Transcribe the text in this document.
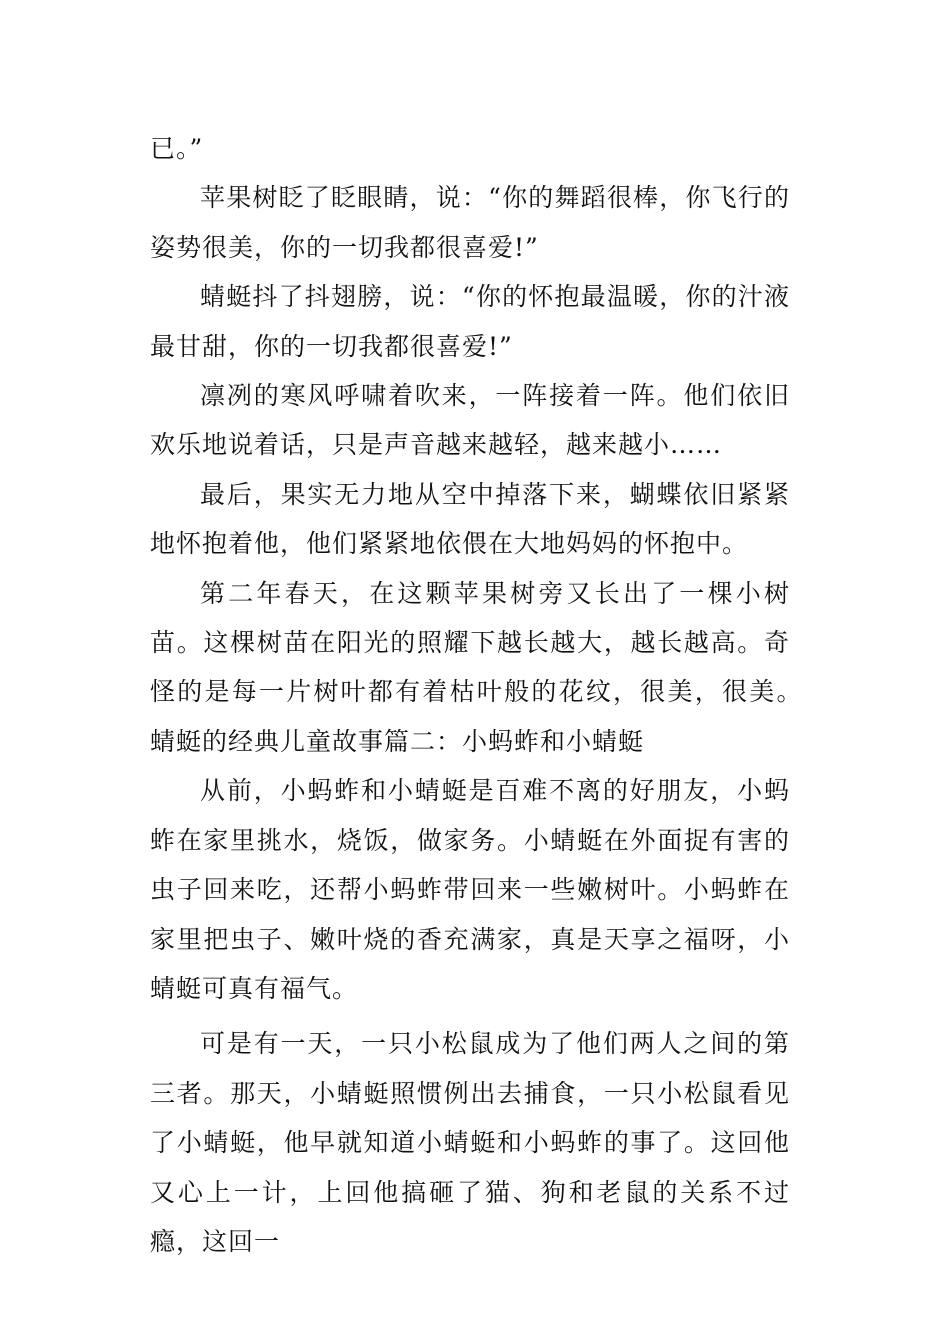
已。”

苹果树眨了眨眼睛，说：“你的舞蹈很棒，你飞行的姿势很美，你的一切我都很喜爱!”

蜻蜓抖了抖翅膀，说：“你的怀抱最温暖，你的汁液最甘甜，你的一切我都很喜爱!”

凛冽的寒风呼啸着吹来，一阵接着一阵。他们依旧欢乐地说着话，只是声音越来越轻，越来越小……

最后，果实无力地从空中掉落下来，蝴蝶依旧紧紧地怀抱着他，他们紧紧地依偎在大地妈妈的怀抱中。

第二年春天，在这颗苹果树旁又长出了一棵小树苗。这棵树苗在阳光的照耀下越长越大，越长越高。奇怪的是每一片树叶都有着枯叶般的花纹，很美，很美。　　蜻蜓的经典儿童故事篇二：小蚂蚱和小蜻蜓

从前，小蚂蚱和小蜻蜓是百难不离的好朋友，小蚂蚱在家里挑水，烧饭，做家务。小蜻蜓在外面捉有害的虫子回来吃，还帮小蚂蚱带回来一些嫩树叶。小蚂蚱在家里把虫子、嫩叶烧的香充满家，真是天享之福呀，小蜻蜓可真有福气。

可是有一天，一只小松鼠成为了他们两人之间的第三者。那天，小蜻蜓照惯例出去捕食，一只小松鼠看见了小蜻蜓，他早就知道小蜻蜓和小蚂蚱的事了。这回他又心上一计，上回他搞砸了猫、狗和老鼠的关系不过瘾，这回一
